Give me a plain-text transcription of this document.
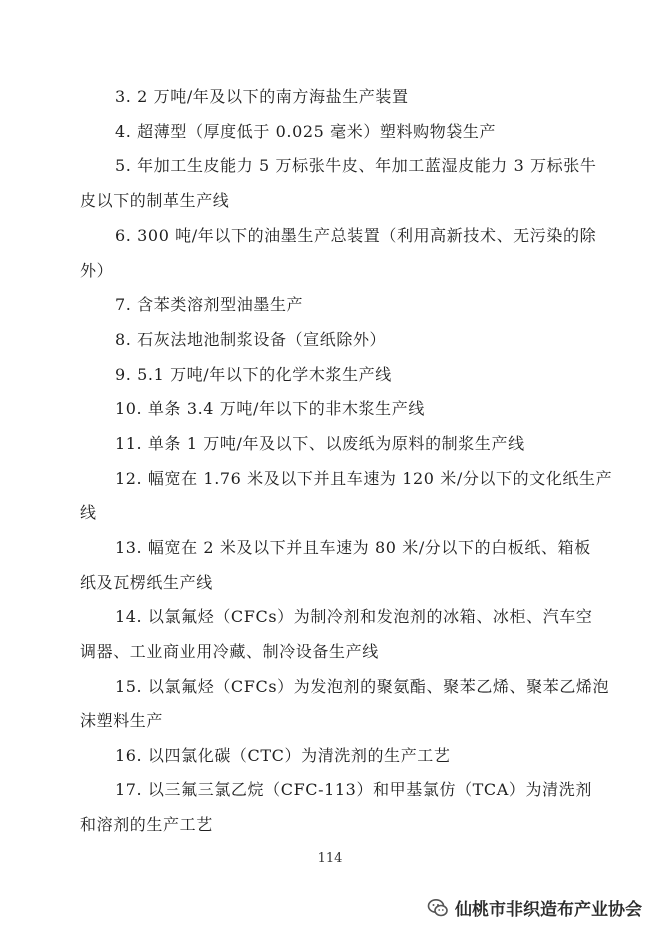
3. 2 万吨/年及以下的南方海盐生产装置
4. 超薄型（厚度低于 0.025 毫米）塑料购物袋生产
5. 年加工生皮能力 5 万标张牛皮、年加工蓝湿皮能力 3 万标张牛
皮以下的制革生产线
6. 300 吨/年以下的油墨生产总装置（利用高新技术、无污染的除
外）
7. 含苯类溶剂型油墨生产
8. 石灰法地池制浆设备（宣纸除外）
9. 5.1 万吨/年以下的化学木浆生产线
10. 单条 3.4 万吨/年以下的非木浆生产线
11. 单条 1 万吨/年及以下、以废纸为原料的制浆生产线
12. 幅宽在 1.76 米及以下并且车速为 120 米/分以下的文化纸生产
线
13. 幅宽在 2 米及以下并且车速为 80 米/分以下的白板纸、箱板
纸及瓦楞纸生产线
14. 以氯氟烃（CFCs）为制冷剂和发泡剂的冰箱、冰柜、汽车空
调器、工业商业用冷藏、制冷设备生产线
15. 以氯氟烃（CFCs）为发泡剂的聚氨酯、聚苯乙烯、聚苯乙烯泡
沫塑料生产
16. 以四氯化碳（CTC）为清洗剂的生产工艺
17. 以三氟三氯乙烷（CFC-113）和甲基氯仿（TCA）为清洗剂
和溶剂的生产工艺
114
仙桃市非织造布产业协会
